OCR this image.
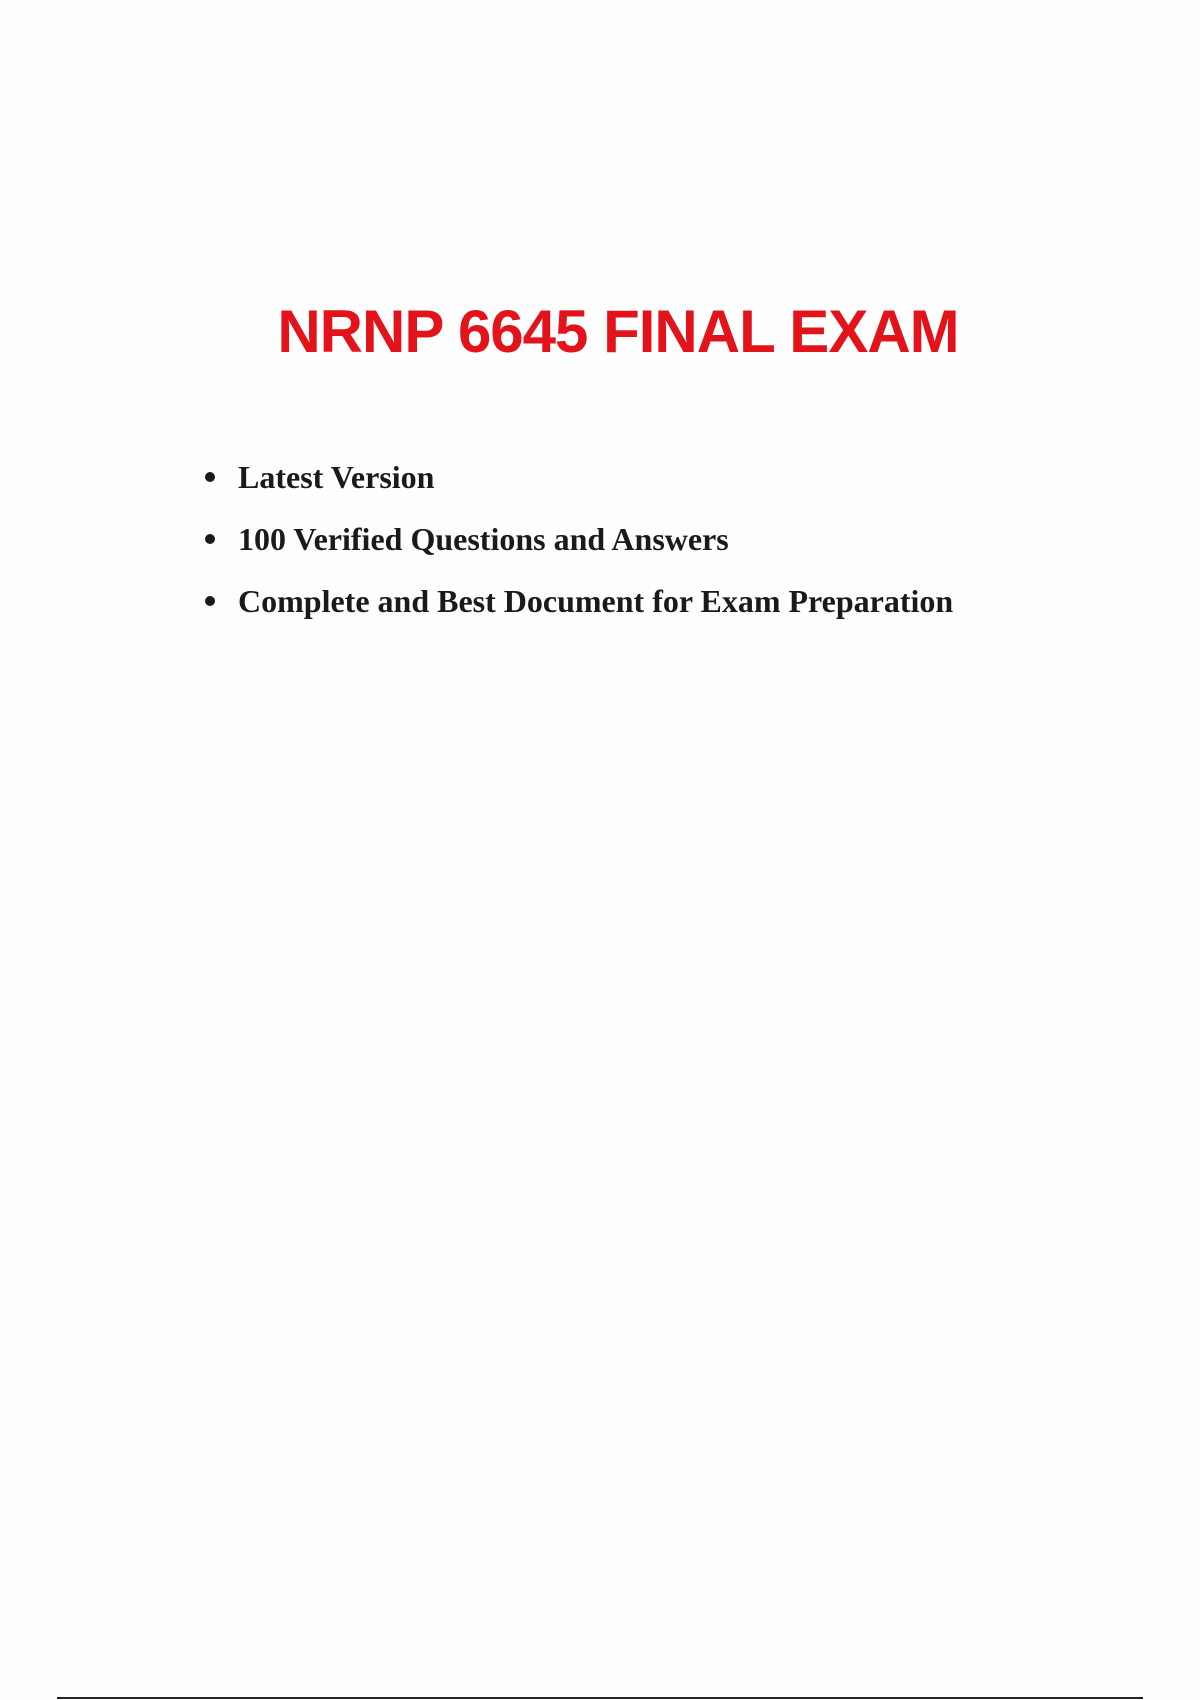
NRNP 6645 FINAL EXAM
Latest Version
100 Verified Questions and Answers
Complete and Best Document for Exam Preparation
